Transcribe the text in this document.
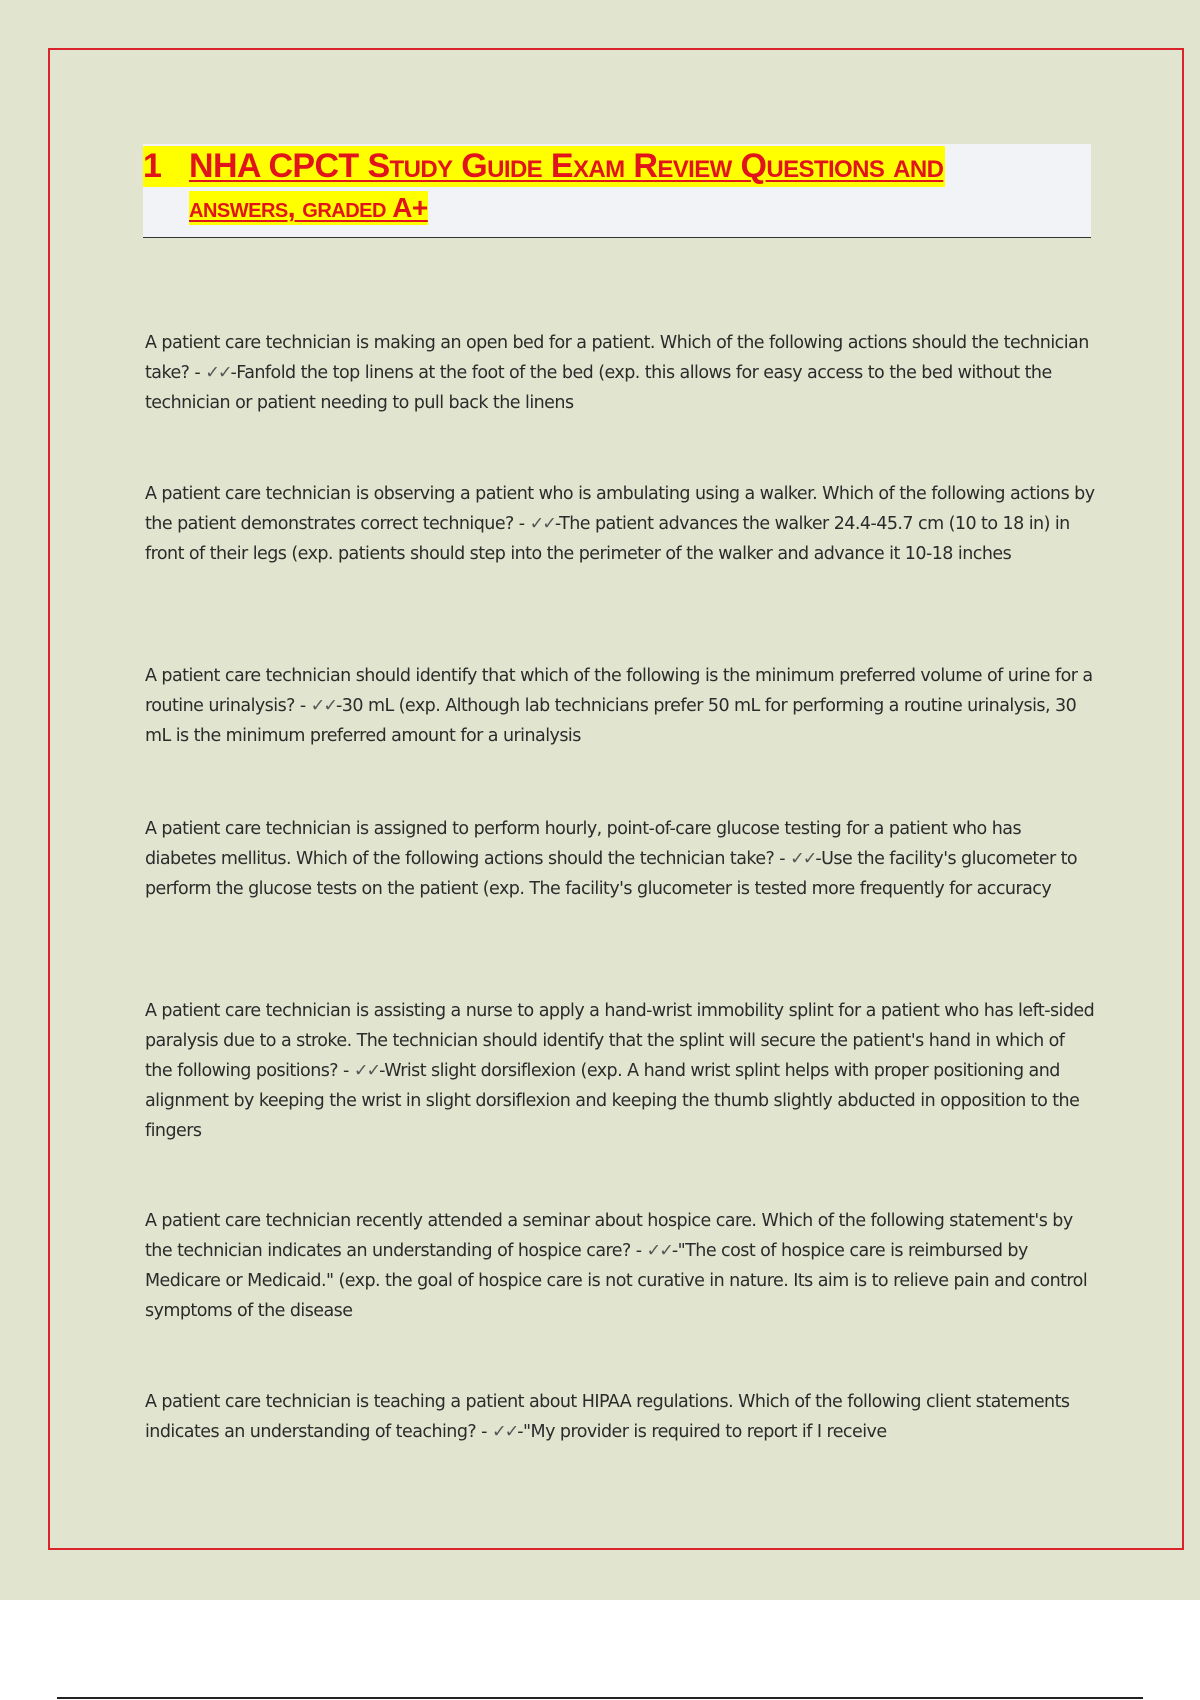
1 NHA CPCT Study Guide Exam Review Questions and
answers, graded A+

A patient care technician is making an open bed for a patient. Which of the following actions should the technician take? - ✓✓-Fanfold the top linens at the foot of the bed (exp. this allows for easy access to the bed without the technician or patient needing to pull back the linens

A patient care technician is observing a patient who is ambulating using a walker. Which of the following actions by the patient demonstrates correct technique? - ✓✓-The patient advances the walker 24.4-45.7 cm (10 to 18 in) in front of their legs (exp. patients should step into the perimeter of the walker and advance it 10-18 inches

A patient care technician should identify that which of the following is the minimum preferred volume of urine for a routine urinalysis? - ✓✓-30 mL (exp. Although lab technicians prefer 50 mL for performing a routine urinalysis, 30 mL is the minimum preferred amount for a urinalysis

A patient care technician is assigned to perform hourly, point-of-care glucose testing for a patient who has diabetes mellitus. Which of the following actions should the technician take? - ✓✓-Use the facility's glucometer to perform the glucose tests on the patient (exp. The facility's glucometer is tested more frequently for accuracy

A patient care technician is assisting a nurse to apply a hand-wrist immobility splint for a patient who has left-sided paralysis due to a stroke. The technician should identify that the splint will secure the patient's hand in which of the following positions? - ✓✓-Wrist slight dorsiflexion (exp. A hand wrist splint helps with proper positioning and alignment by keeping the wrist in slight dorsiflexion and keeping the thumb slightly abducted in opposition to the fingers

A patient care technician recently attended a seminar about hospice care. Which of the following statement's by the technician indicates an understanding of hospice care? - ✓✓-"The cost of hospice care is reimbursed by Medicare or Medicaid." (exp. the goal of hospice care is not curative in nature. Its aim is to relieve pain and control symptoms of the disease

A patient care technician is teaching a patient about HIPAA regulations. Which of the following client statements indicates an understanding of teaching? - ✓✓-"My provider is required to report if I receive
